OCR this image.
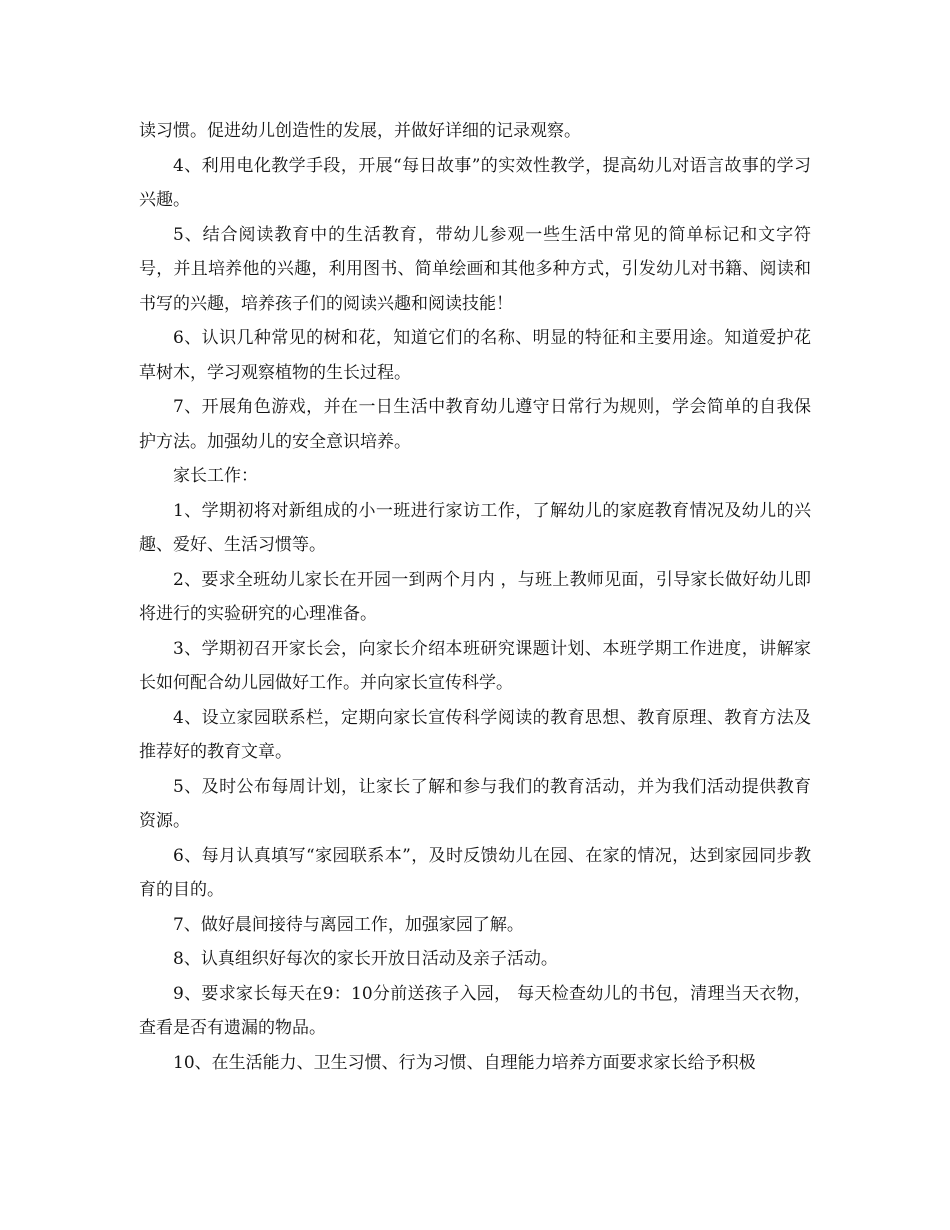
读习惯。促进幼儿创造性的发展，并做好详细的记录观察。

4、利用电化教学手段，开展“每日故事”的实效性教学，提高幼儿对语言故事的学习兴趣。

5、结合阅读教育中的生活教育，带幼儿参观一些生活中常见的简单标记和文字符号，并且培养他的兴趣，利用图书、简单绘画和其他多种方式，引发幼儿对书籍、阅读和书写的兴趣，培养孩子们的阅读兴趣和阅读技能！

6、认识几种常见的树和花，知道它们的名称、明显的特征和主要用途。知道爱护花草树木，学习观察植物的生长过程。

7、开展角色游戏，并在一日生活中教育幼儿遵守日常行为规则，学会简单的自我保护方法。加强幼儿的安全意识培养。

家长工作：

1、学期初将对新组成的小一班进行家访工作，了解幼儿的家庭教育情况及幼儿的兴趣、爱好、生活习惯等。

2、要求全班幼儿家长在开园一到两个月内 ，与班上教师见面，引导家长做好幼儿即将进行的实验研究的心理准备。

3、学期初召开家长会，向家长介绍本班研究课题计划、本班学期工作进度，讲解家长如何配合幼儿园做好工作。并向家长宣传科学。

4、设立家园联系栏，定期向家长宣传科学阅读的教育思想、教育原理、教育方法及推荐好的教育文章。

5、及时公布每周计划，让家长了解和参与我们的教育活动，并为我们活动提供教育资源。

6、每月认真填写“家园联系本”，及时反馈幼儿在园、在家的情况，达到家园同步教育的目的。

7、做好晨间接待与离园工作，加强家园了解。

8、认真组织好每次的家长开放日活动及亲子活动。

9、要求家长每天在9：10分前送孩子入园， 每天检查幼儿的书包，清理当天衣物，查看是否有遗漏的物品。

10、在生活能力、卫生习惯、行为习惯、自理能力培养方面要求家长给予积极
